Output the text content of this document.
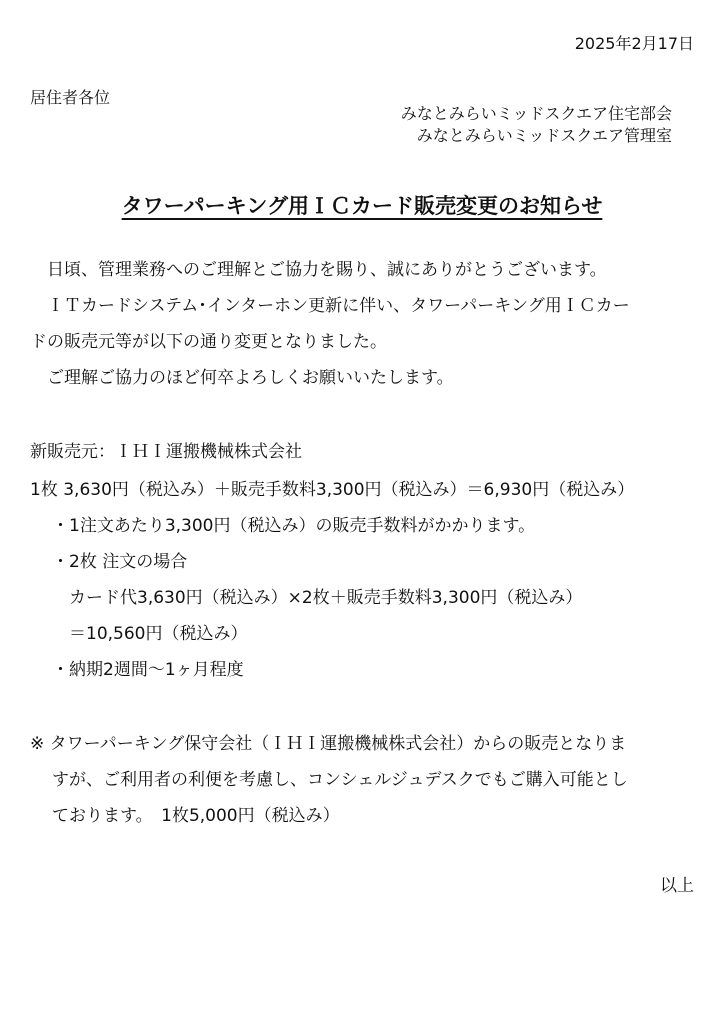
2025年2月17日

居住者各位

みなとみらいミッドスクエア住宅部会

みなとみらいミッドスクエア管理室

タワーパーキング用ＩＣカード販売変更のお知らせ

　日頃、管理業務へのご理解とご協力を賜り、誠にありがとうございます。

　ＩＴカードシステム･インターホン更新に伴い、タワーパーキング用ＩＣカー

ドの販売元等が以下の通り変更となりました。

　ご理解ご協力のほど何卒よろしくお願いいたします。

新販売元：ＩＨＩ運搬機械株式会社

1枚 3,630円（税込み）＋販売手数料3,300円（税込み）＝6,930円（税込み）

・1注文あたり3,300円（税込み）の販売手数料がかかります。

・2枚 注文の場合

　カード代3,630円（税込み）×2枚＋販売手数料3,300円（税込み）

　＝10,560円（税込み）

・納期2週間～1ヶ月程度

※ タワーパーキング保守会社（ＩＨＩ運搬機械株式会社）からの販売となりま

すが、ご利用者の利便を考慮し、コンシェルジュデスクでもご購入可能とし

ております。　1枚5,000円（税込み）

以上
